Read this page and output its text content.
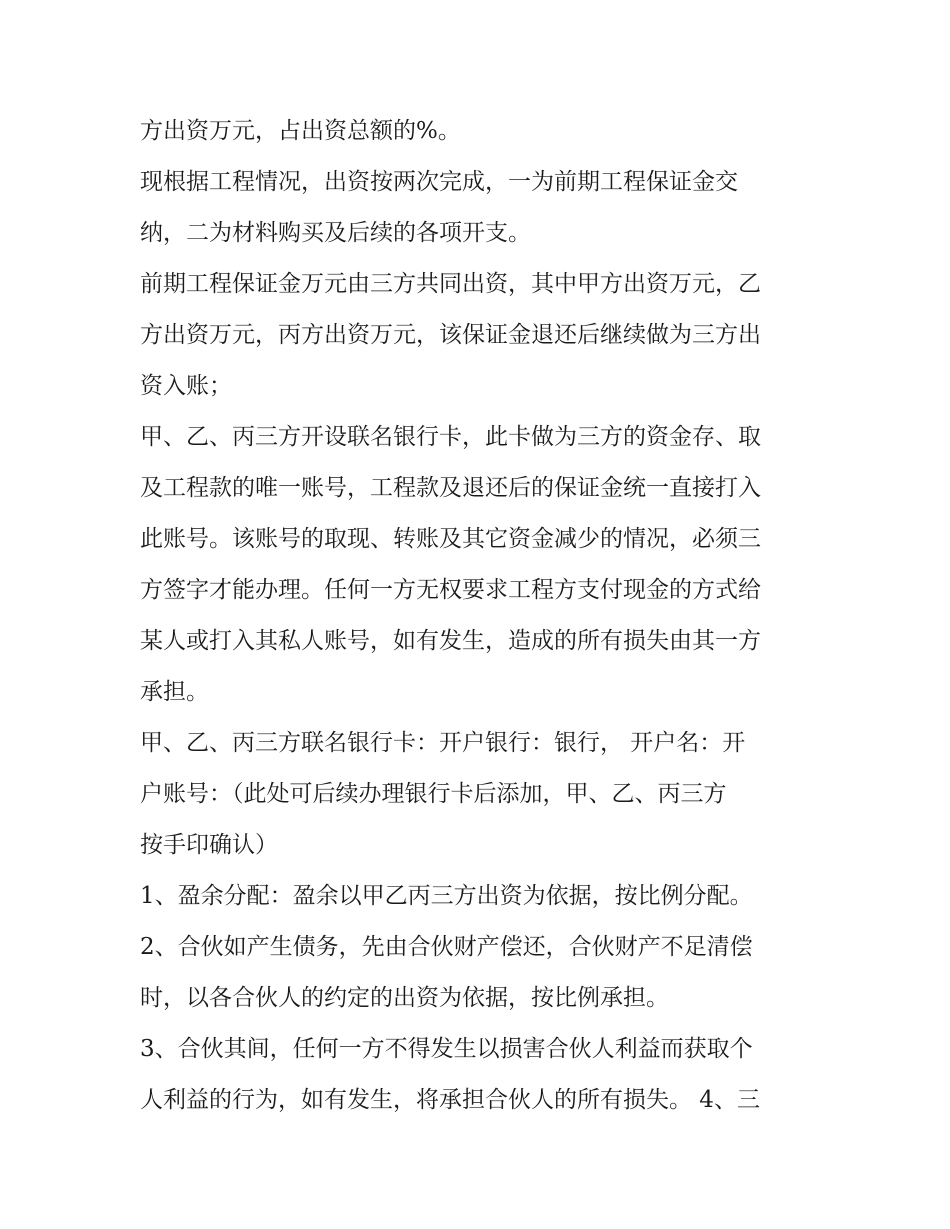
方出资万元，占出资总额的%。

现根据工程情况，出资按两次完成，一为前期工程保证金交
纳，二为材料购买及后续的各项开支。

前期工程保证金万元由三方共同出资，其中甲方出资万元，乙
方出资万元，丙方出资万元，该保证金退还后继续做为三方出
资入账；

甲、乙、丙三方开设联名银行卡，此卡做为三方的资金存、取
及工程款的唯一账号，工程款及退还后的保证金统一直接打入
此账号。该账号的取现、转账及其它资金减少的情况，必须三
方签字才能办理。任何一方无权要求工程方支付现金的方式给
某人或打入其私人账号，如有发生，造成的所有损失由其一方
承担。

甲、乙、丙三方联名银行卡：开户银行：银行， 开户名：开
户账号：（此处可后续办理银行卡后添加，甲、乙、丙三方
按手印确认）

1、盈余分配：盈余以甲乙丙三方出资为依据，按比例分配。

2、合伙如产生债务，先由合伙财产偿还，合伙财产不足清偿
时，以各合伙人的约定的出资为依据，按比例承担。

3、合伙其间，任何一方不得发生以损害合伙人利益而获取个
人利益的行为，如有发生，将承担合伙人的所有损失。 4、三
